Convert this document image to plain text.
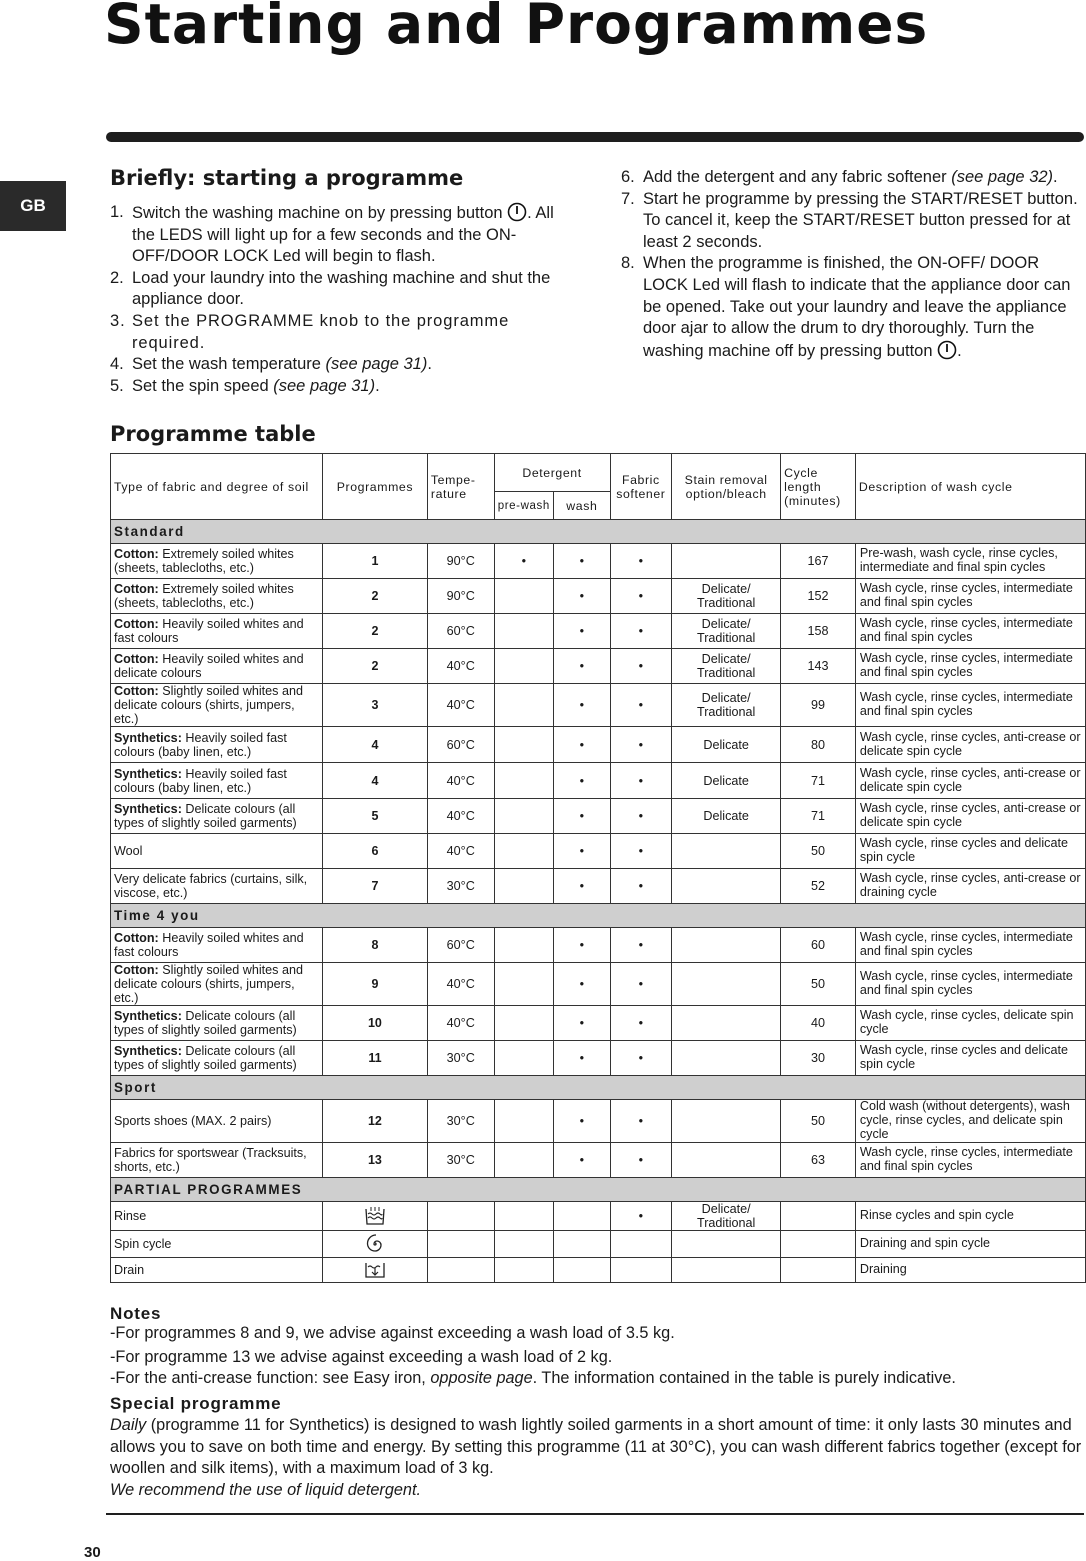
Starting and Programmes
GB
Briefly: starting a programme
1. Switch the washing machine on by pressing button . All the LEDS will light up for a few seconds and the ON-OFF/DOOR LOCK Led will begin to flash.
2. Load your laundry into the washing machine and shut the appliance door.
3. Set the PROGRAMME knob to the programme required.
4. Set the wash temperature (see page 31).
5. Set the spin speed (see page 31).
6. Add the detergent and any fabric softener (see page 32).
7. Start he programme by pressing the START/RESET button.
To cancel it, keep the START/RESET button pressed for at least 2 seconds.
8. When the programme is finished, the ON-OFF/ DOOR LOCK Led will flash to indicate that the appliance door can be opened. Take out your laundry and leave the appliance door ajar to allow the drum to dry thoroughly. Turn the washing machine off by pressing button .
Programme table
Type of fabric and degree of soil	Programmes	Tempe-rature	Detergent		Fabric softener	Stain removal option/bleach	Cycle length (minutes)	Description of wash cycle
			pre-wash	wash				
Standard								
Cotton: Extremely soiled whites (sheets, tablecloths, etc.)	1	90°C	•	•	•		167	Pre-wash, wash cycle, rinse cycles, intermediate and final spin cycles
Cotton: Extremely soiled whites (sheets, tablecloths, etc.)	2	90°C		•	•	Delicate/ Traditional	152	Wash cycle, rinse cycles, intermediate and final spin cycles
Cotton: Heavily soiled whites and fast colours	2	60°C		•	•	Delicate/ Traditional	158	Wash cycle, rinse cycles, intermediate and final spin cycles
Cotton: Heavily soiled whites and delicate colours	2	40°C		•	•	Delicate/ Traditional	143	Wash cycle, rinse cycles, intermediate and final spin cycles
Cotton: Slightly soiled whites and delicate colours (shirts, jumpers, etc.)	3	40°C		•	•	Delicate/ Traditional	99	Wash cycle, rinse cycles, intermediate and final spin cycles
Synthetics: Heavily soiled fast colours (baby linen, etc.)	4	60°C		•	•	Delicate	80	Wash cycle, rinse cycles, anti-crease or delicate spin cycle
Synthetics: Heavily soiled fast colours (baby linen, etc.)	4	40°C		•	•	Delicate	71	Wash cycle, rinse cycles, anti-crease or delicate spin cycle
Synthetics: Delicate colours (all types of slightly soiled garments)	5	40°C		•	•	Delicate	71	Wash cycle, rinse cycles, anti-crease or delicate spin cycle
Wool	6	40°C		•	•		50	Wash cycle, rinse cycles and delicate spin cycle
Very delicate fabrics (curtains, silk, viscose, etc.)	7	30°C		•	•		52	Wash cycle, rinse cycles, anti-crease or draining cycle
Time 4 you								
Cotton: Heavily soiled whites and fast colours	8	60°C		•	•		60	Wash cycle, rinse cycles, intermediate and final spin cycles
Cotton: Slightly soiled whites and delicate colours (shirts, jumpers, etc.)	9	40°C		•	•		50	Wash cycle, rinse cycles, intermediate and final spin cycles
Synthetics: Delicate colours (all types of slightly soiled garments)	10	40°C		•	•		40	Wash cycle, rinse cycles, delicate spin cycle
Synthetics: Delicate colours (all types of slightly soiled garments)	11	30°C		•	•		30	Wash cycle, rinse cycles and delicate spin cycle
Sport								
Sports shoes (MAX. 2 pairs)	12	30°C		•	•		50	Cold wash (without detergents), wash cycle, rinse cycles, and delicate spin cycle
Fabrics for sportswear (Tracksuits, shorts, etc.)	13	30°C		•	•		63	Wash cycle, rinse cycles, intermediate and final spin cycles
PARTIAL PROGRAMMES								
Rinse					•	Delicate/ Traditional		Rinse cycles and spin cycle
Spin cycle								Draining and spin cycle
Drain								Draining
Notes

-For programmes 8 and 9, we advise against exceeding a wash load of 3.5 kg.

-For programme 13 we advise against exceeding a wash load of 2 kg.
-For the anti-crease function: see Easy iron, opposite page. The information contained in the table is purely indicative.

Special programme

Daily (programme 11 for Synthetics) is designed to wash lightly soiled garments in a short amount of time: it only lasts 30 minutes and allows you to save on both time and energy. By setting this programme (11 at 30°C), you can wash different fabrics together (except for woollen and silk items), with a maximum load of 3 kg.
We recommend the use of liquid detergent.

30
